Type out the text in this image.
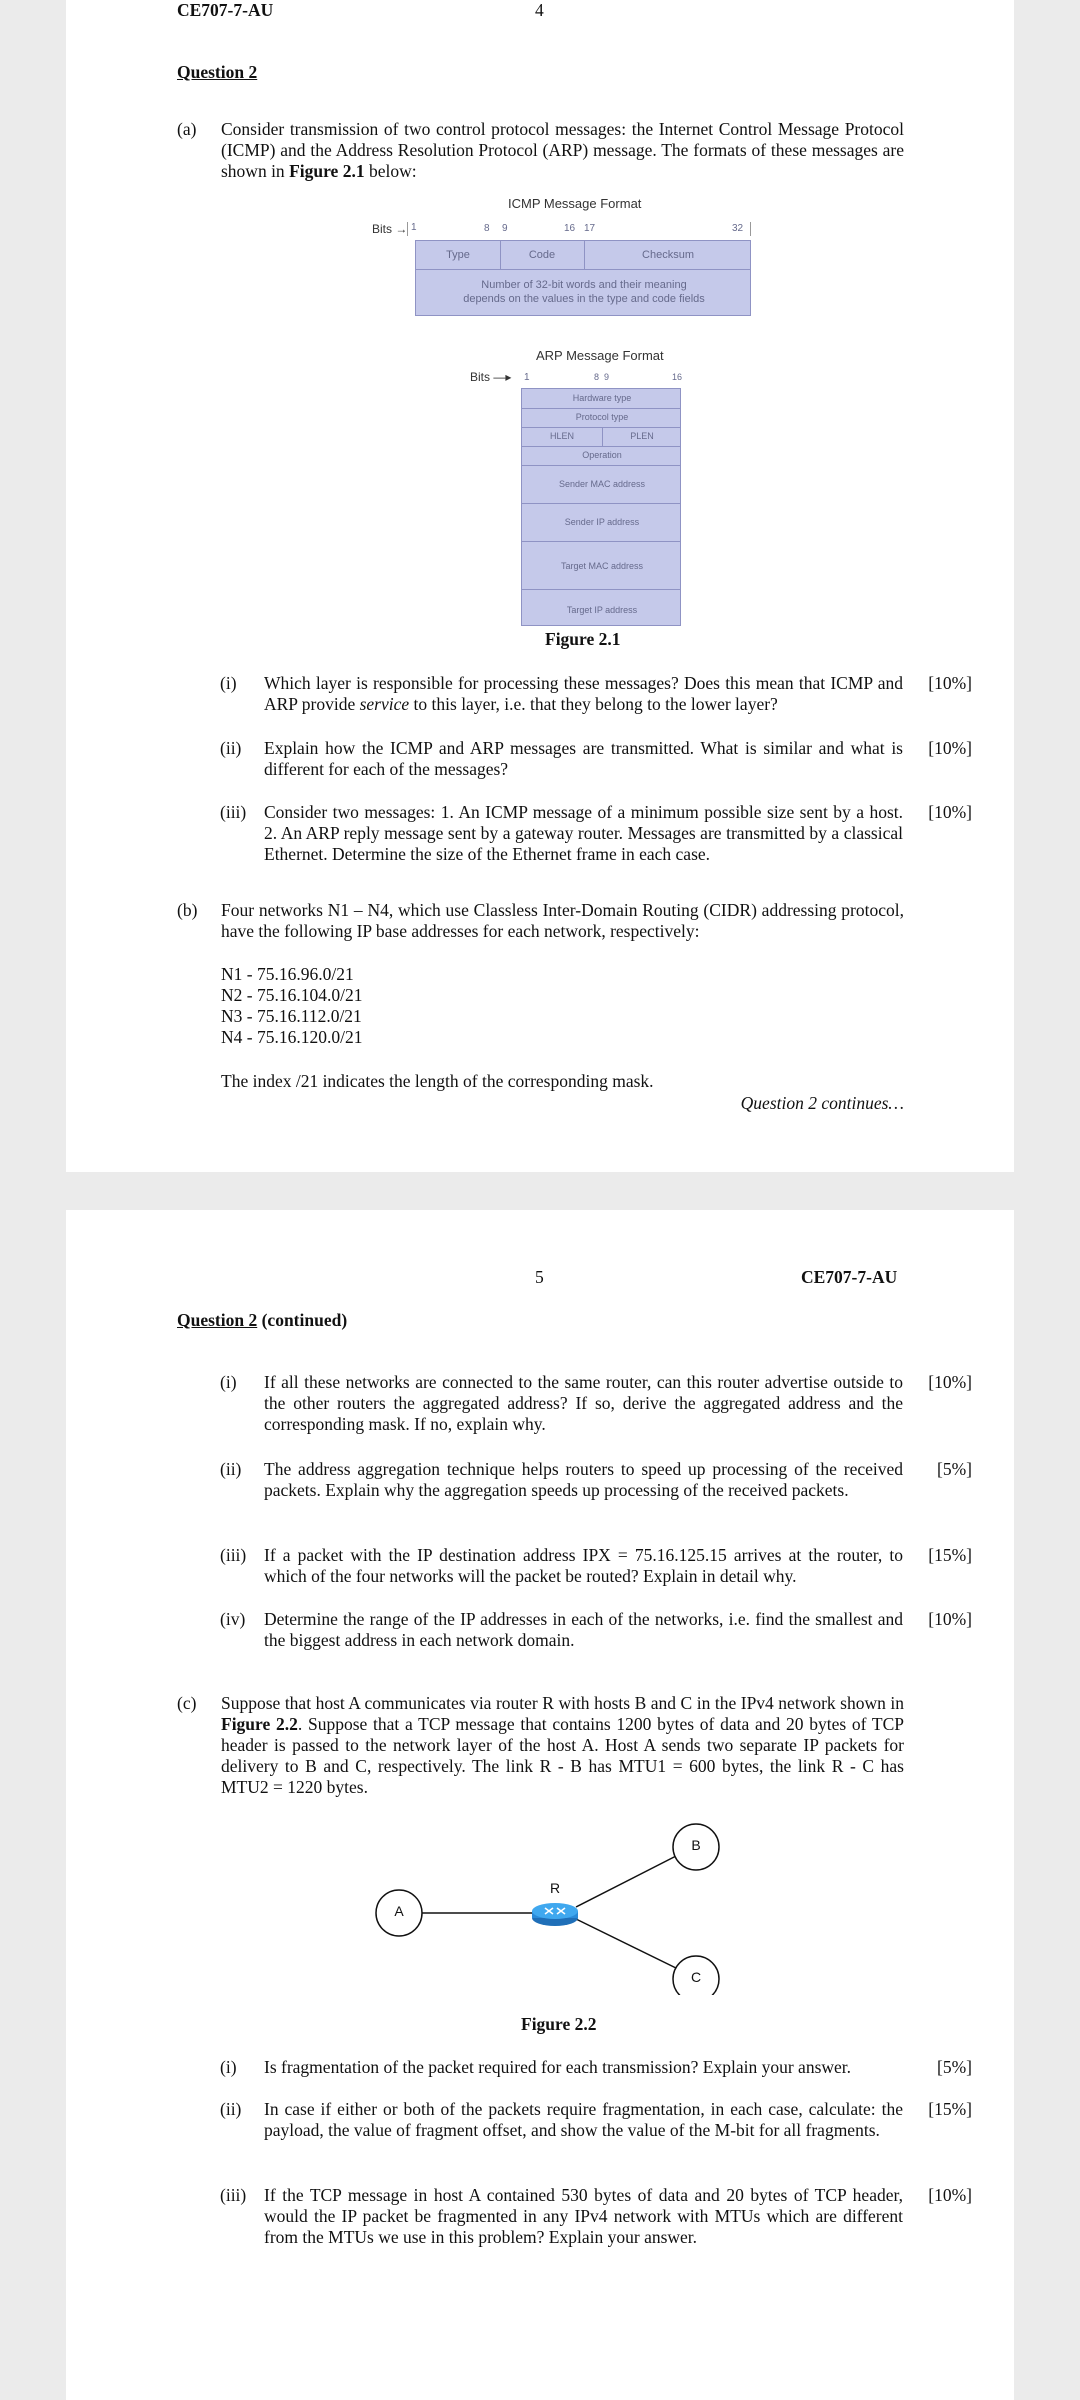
CE707-7-AU	4
Question 2
(a) Consider transmission of two control protocol messages: the Internet Control Message Protocol (ICMP) and the Address Resolution Protocol (ARP) message. The formats of these messages are shown in Figure 2.1 below:
ICMP Message Format
Bits → 1	8 9	16 17	32
Type	Code	Checksum
Number of 32-bit words and their meaning
depends on the values in the type and code fields
ARP Message Format
Bits —▸ 1	8 9	16
Hardware type
Protocol type
HLEN	PLEN
Operation
Sender MAC address
Sender IP address
Target MAC address
Target IP address
Figure 2.1
(i) Which layer is responsible for processing these messages? Does this mean that ICMP and ARP provide service to this layer, i.e. that they belong to the lower layer?
[10%]
(ii) Explain how the ICMP and ARP messages are transmitted. What is similar and what is different for each of the messages?
[10%]
(iii) Consider two messages: 1. An ICMP message of a minimum possible size sent by a host. 2. An ARP reply message sent by a gateway router. Messages are transmitted by a classical Ethernet. Determine the size of the Ethernet frame in each case.
[10%]
(b) Four networks N1 – N4, which use Classless Inter-Domain Routing (CIDR) addressing protocol, have the following IP base addresses for each network, respectively:
N1 - 75.16.96.0/21
N2 - 75.16.104.0/21
N3 - 75.16.112.0/21
N4 - 75.16.120.0/21
The index /21 indicates the length of the corresponding mask.
Question 2 continues…
5	CE707-7-AU
Question 2 (continued)
(i) If all these networks are connected to the same router, can this router advertise outside to the other routers the aggregated address? If so, derive the aggregated address and the corresponding mask. If no, explain why.
[10%]
(ii) The address aggregation technique helps routers to speed up processing of the received packets. Explain why the aggregation speeds up processing of the received packets.
[5%]
(iii) If a packet with the IP destination address IPX = 75.16.125.15 arrives at the router, to which of the four networks will the packet be routed? Explain in detail why.
[15%]
(iv) Determine the range of the IP addresses in each of the networks, i.e. find the smallest and the biggest address in each network domain.
[10%]
(c) Suppose that host A communicates via router R with hosts B and C in the IPv4 network shown in Figure 2.2. Suppose that a TCP message that contains 1200 bytes of data and 20 bytes of TCP header is passed to the network layer of the host A. Host A sends two separate IP packets for delivery to B and C, respectively. The link R - B has MTU1 = 600 bytes, the link R - C has MTU2 = 1220 bytes.
A
B
C
R
Figure 2.2
(i) Is fragmentation of the packet required for each transmission? Explain your answer.	[5%]
(ii) In case if either or both of the packets require fragmentation, in each case, calculate: the payload, the value of fragment offset, and show the value of the M-bit for all fragments.
[15%]
(iii) If the TCP message in host A contained 530 bytes of data and 20 bytes of TCP header, would the IP packet be fragmented in any IPv4 network with MTUs which are different from the MTUs we use in this problem? Explain your answer.
[10%]
